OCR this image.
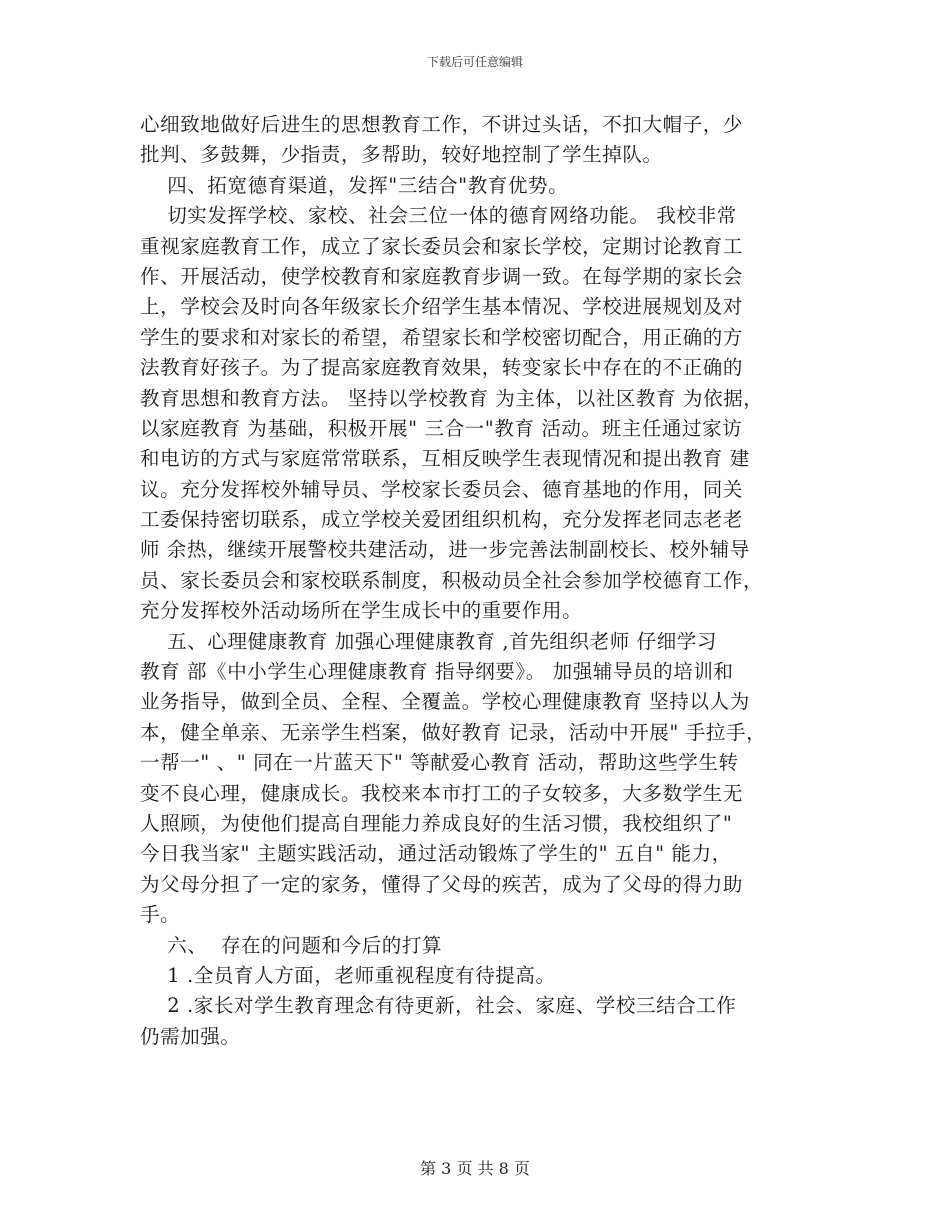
下载后可任意编辑
心细致地做好后进生的思想教育工作，不讲过头话，不扣大帽子，少
批判、多鼓舞，少指责，多帮助，较好地控制了学生掉队。
四、拓宽德育渠道，发挥"三结合"教育优势。
切实发挥学校、家校、社会三位一体的德育网络功能。 我校非常
重视家庭教育工作，成立了家长委员会和家长学校，定期讨论教育工
作、开展活动，使学校教育和家庭教育步调一致。在每学期的家长会
上，学校会及时向各年级家长介绍学生基本情况、学校进展规划及对
学生的要求和对家长的希望，希望家长和学校密切配合，用正确的方
法教育好孩子。为了提高家庭教育效果，转变家长中存在的不正确的
教育思想和教育方法。 坚持以学校教育 为主体，以社区教育 为依据，
以家庭教育 为基础，积极开展" 三合一"教育 活动。班主任通过家访
和电访的方式与家庭常常联系，互相反映学生表现情况和提出教育 建
议。充分发挥校外辅导员、学校家长委员会、德育基地的作用，同关
工委保持密切联系，成立学校关爱团组织机构，充分发挥老同志老老
师 余热，继续开展警校共建活动，进一步完善法制副校长、校外辅导
员、家长委员会和家校联系制度，积极动员全社会参加学校德育工作，
充分发挥校外活动场所在学生成长中的重要作用。
五、心理健康教育 加强心理健康教育 ,首先组织老师 仔细学习
教育 部《中小学生心理健康教育 指导纲要》。 加强辅导员的培训和
业务指导，做到全员、全程、全覆盖。学校心理健康教育 坚持以人为
本，健全单亲、无亲学生档案，做好教育 记录，活动中开展" 手拉手，
一帮一" 、" 同在一片蓝天下" 等献爱心教育 活动，帮助这些学生转
变不良心理，健康成长。我校来本市打工的子女较多，大多数学生无
人照顾，为使他们提高自理能力养成良好的生活习惯，我校组织了"
今日我当家" 主题实践活动，通过活动锻炼了学生的" 五自" 能力，
为父母分担了一定的家务，懂得了父母的疾苦，成为了父母的得力助
手。
六、  存在的问题和今后的打算
1 .全员育人方面，老师重视程度有待提高。
2 .家长对学生教育理念有待更新，社会、家庭、学校三结合工作
仍需加强。
第 3 页 共 8 页
